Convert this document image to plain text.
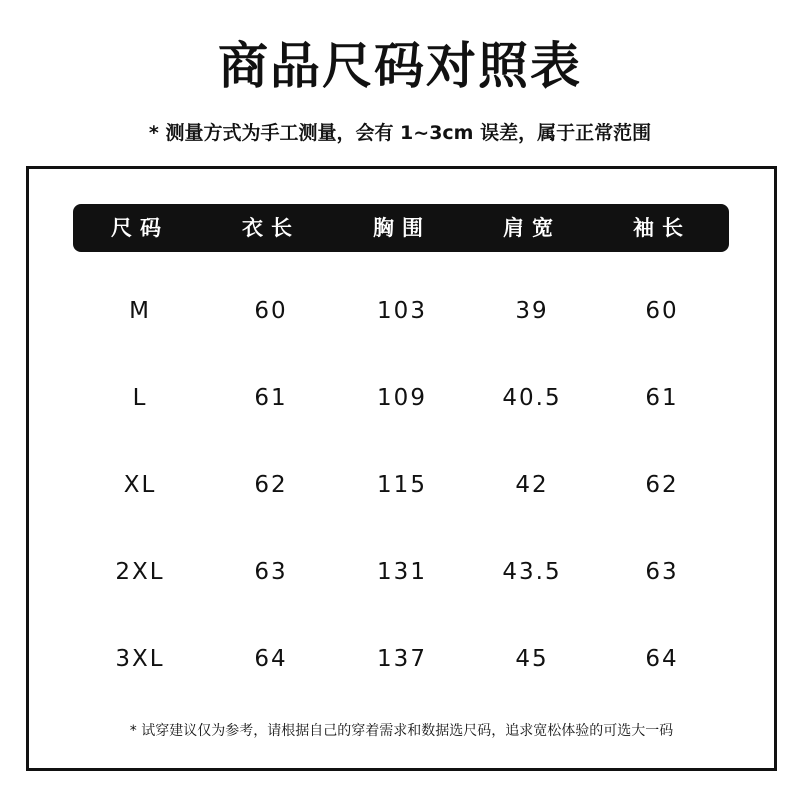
商品尺码对照表
* 测量方式为手工测量，会有 1~3cm 误差，属于正常范围
尺码	衣长	胸围	肩宽	袖长
M	60	103	39	60
L	61	109	40.5	61
XL	62	115	42	62
2XL	63	131	43.5	63
3XL	64	137	45	64
* 试穿建议仅为参考，请根据自己的穿着需求和数据选尺码，追求宽松体验的可选大一码
